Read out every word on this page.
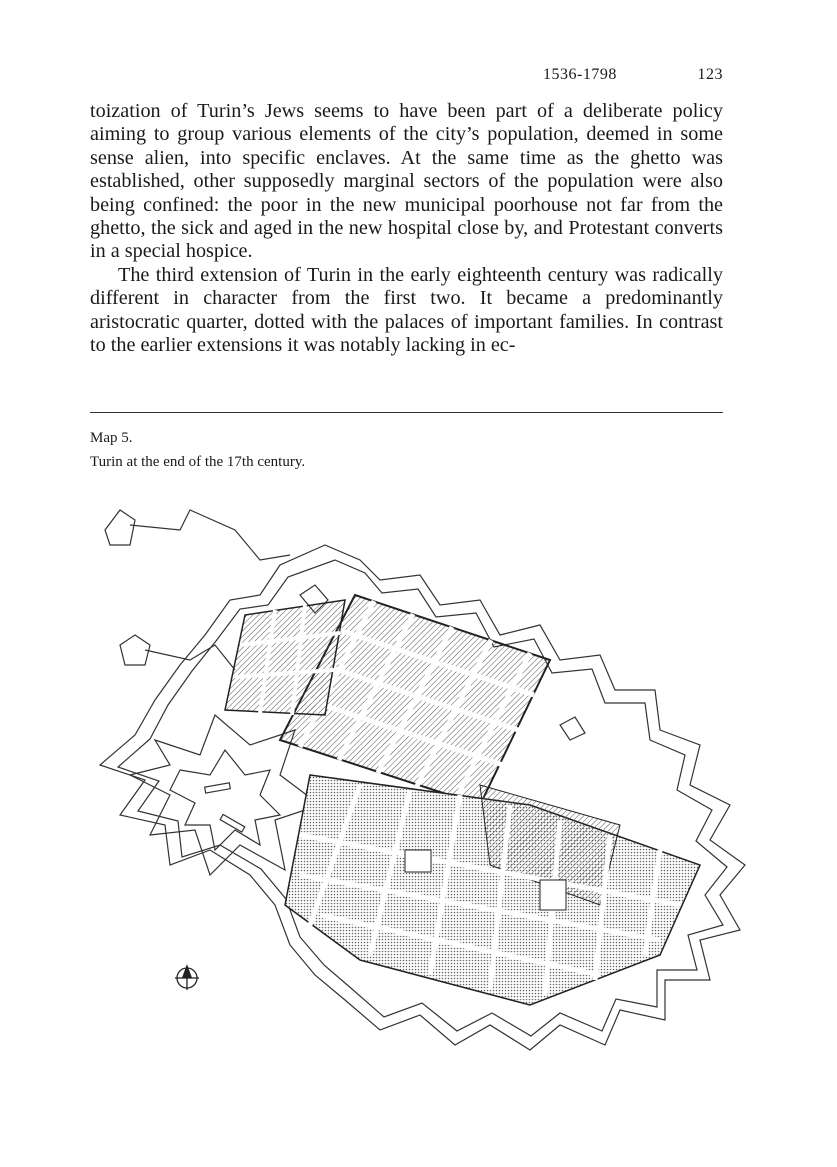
1536-1798	123

toization of Turin’s Jews seems to have been part of a deliberate policy aiming to group various elements of the city’s population, deemed in some sense alien, into specific enclaves. At the same time as the ghetto was established, other supposedly marginal sectors of the population were also being confined: the poor in the new municipal poorhouse not far from the ghetto, the sick and aged in the new hospital close by, and Protestant converts in a special hospice.

The third extension of Turin in the early eighteenth century was radically different in character from the first two. It became a predominantly aristocratic quarter, dotted with the palaces of important families. In contrast to the earlier extensions it was notably lacking in ec-

Map 5.
Turin at the end of the 17th century.
